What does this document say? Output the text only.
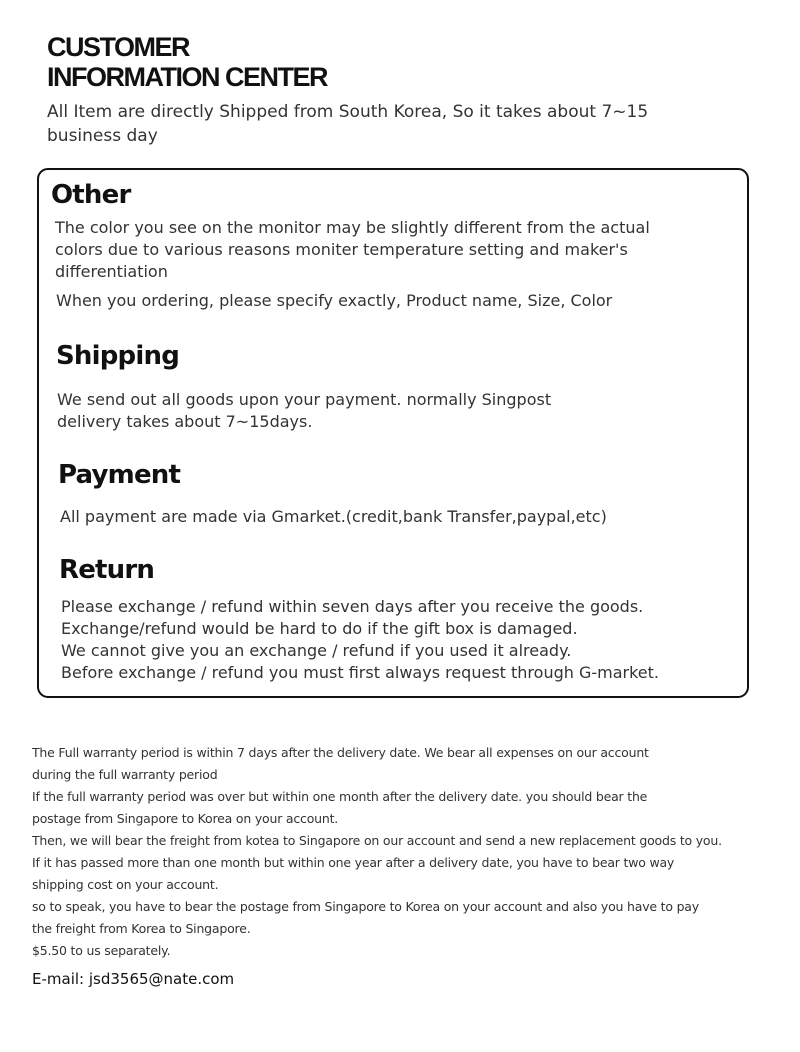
CUSTOMER
INFORMATION CENTER

All Item are directly Shipped from South Korea, So it takes about 7~15 business day

Other

The color you see on the monitor may be slightly different from the actual
colors due to various reasons moniter temperature setting and maker's
differentiation

When you ordering, please specify exactly, Product name, Size, Color

Shipping

We send out all goods upon your payment. normally Singpost
delivery takes about 7~15days.

Payment

All payment are made via Gmarket.(credit,bank Transfer,paypal,etc)

Return

Please exchange / refund within seven days after you receive the goods.
Exchange/refund would be hard to do if the gift box is damaged.
We cannot give you an exchange / refund if you used it already.
Before exchange / refund you must first always request through G-market.

The Full warranty period is within 7 days after the delivery date. We bear all expenses on our account
during the full warranty period
If the full warranty period was over but within one month after the delivery date. you should bear the
postage from Singapore to Korea on your account.
Then, we will bear the freight from kotea to Singapore on our account and send a new replacement goods to you.
If it has passed more than one month but within one year after a delivery date, you have to bear two way
shipping cost on your account.
so to speak, you have to bear the postage from Singapore to Korea on your account and also you have to pay
the freight from Korea to Singapore.
$5.50 to us separately.
E-mail: jsd3565@nate.com
